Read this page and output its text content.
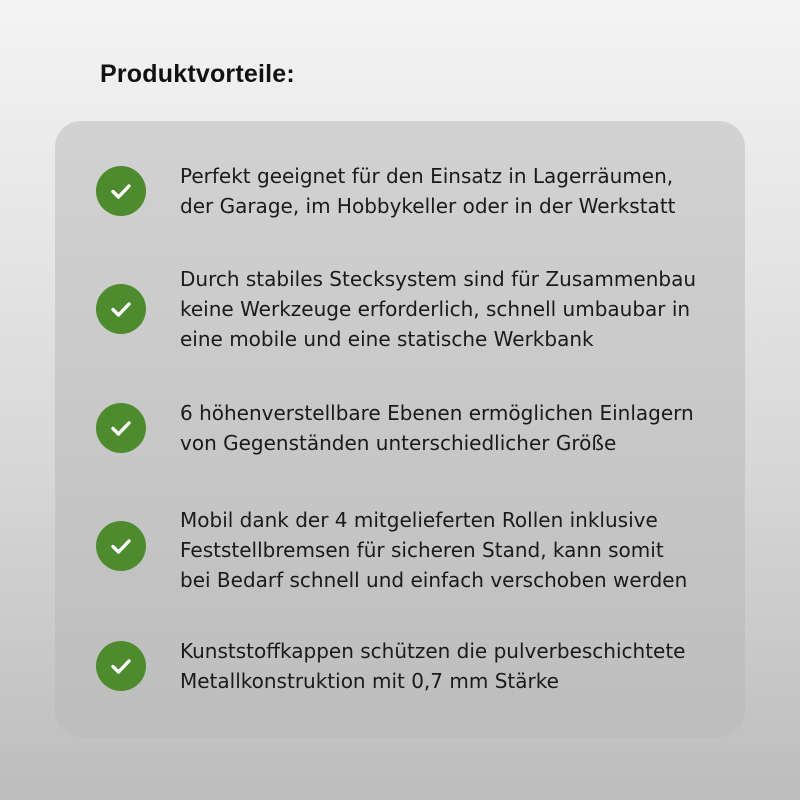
Produktvorteile:
Perfekt geeignet für den Einsatz in Lagerräumen,
der Garage, im Hobbykeller oder in der Werkstatt
Durch stabiles Stecksystem sind für Zusammenbau
keine Werkzeuge erforderlich, schnell umbaubar in
eine mobile und eine statische Werkbank
6 höhenverstellbare Ebenen ermöglichen Einlagern
von Gegenständen unterschiedlicher Größe
Mobil dank der 4 mitgelieferten Rollen inklusive
Feststellbremsen für sicheren Stand, kann somit
bei Bedarf schnell und einfach verschoben werden
Kunststoffkappen schützen die pulverbeschichtete
Metallkonstruktion mit 0,7 mm Stärke
